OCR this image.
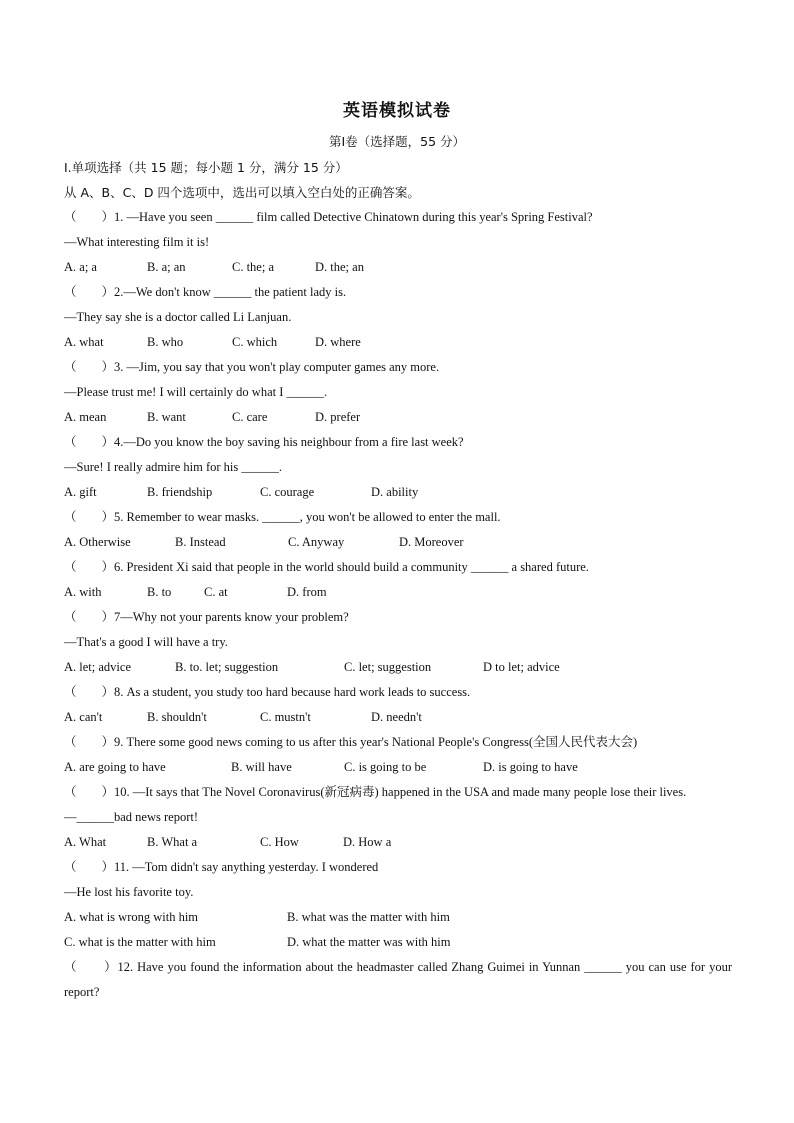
英语模拟试卷
第Ⅰ卷（选择题，55 分）
Ⅰ.单项选择（共 15 题；每小题 1 分，满分 15 分）
从 A、B、C、D 四个选项中，选出可以填入空白处的正确答案。
（　　）1. —Have you seen ______ film called Detective Chinatown during this year's Spring Festival?
—What interesting film it is!
A. a; a	B. a; an	C. the; a	D. the; an
（　　）2.—We don't know ______ the patient lady is.
—They say she is a doctor called Li Lanjuan.
A. what	B. who	C. which	D. where
（　　）3. —Jim, you say that you won't play computer games any more.
—Please trust me! I will certainly do what I ______.
A. mean	B. want	C. care	D. prefer
（　　）4.—Do you know the boy saving his neighbour from a fire last week?
—Sure! I really admire him for his ______.
A. gift	B. friendship	C. courage	D. ability
（　　）5. Remember to wear masks. ______, you won't be allowed to enter the mall.
A. Otherwise	B. Instead	C. Anyway	D. Moreover
（　　）6. President Xi said that people in the world should build a community ______ a shared future.
A. with	B. to	C. at	D. from
（　　）7—Why not your parents know your problem?
—That's a good I will have a try.
A. let; advice	B. to. let; suggestion	C. let; suggestion	D to let; advice
（　　）8. As a student, you study too hard because hard work leads to success.
A. can't	B. shouldn't	C. mustn't	D. needn't
（　　）9. There some good news coming to us after this year's National People's Congress(全国人民代表大会)
A. are going to have	B. will have	C. is going to be	D. is going to have
（　　）10. —It says that The Novel Coronavirus(新冠病毒) happened in the USA and made many people lose their lives.
—______bad news report!
A. What	B. What a	C. How	D. How a
（　　）11. —Tom didn't say anything yesterday. I wondered
—He lost his favorite toy.
A. what is wrong with him	B. what was the matter with him
C. what is the matter with him	D. what the matter was with him
（　　）12. Have you found the information about the headmaster called Zhang Guimei in Yunnan ______ you can use for your report?
